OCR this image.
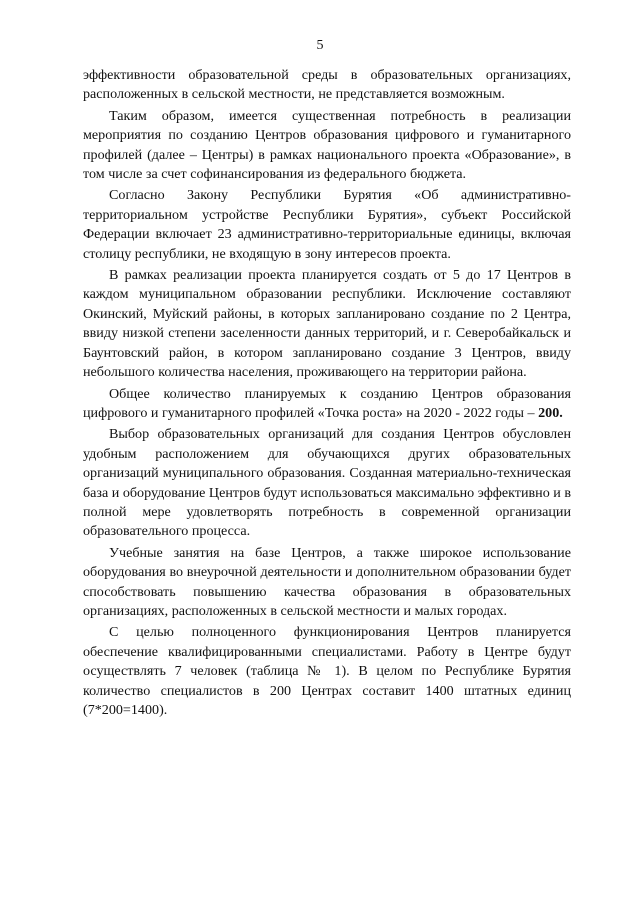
5

эффективности образовательной среды в образовательных организациях, расположенных в сельской местности, не представляется возможным.

Таким образом, имеется существенная потребность в реализации мероприятия по созданию Центров образования цифрового и гуманитарного профилей (далее – Центры) в рамках национального проекта «Образование», в том числе за счет софинансирования из федерального бюджета.

Согласно Закону Республики Бурятия «Об административно-территориальном устройстве Республики Бурятия», субъект Российской Федерации включает 23 административно-территориальные единицы, включая столицу республики, не входящую в зону интересов проекта.

В рамках реализации проекта планируется создать от 5 до 17 Центров в каждом муниципальном образовании республики. Исключение составляют Окинский, Муйский районы, в которых запланировано создание по 2 Центра, ввиду низкой степени заселенности данных территорий, и г. Северобайкальск и Баунтовский район, в котором запланировано создание 3 Центров, ввиду небольшого количества населения, проживающего на территории района.

Общее количество планируемых к созданию Центров образования цифрового и гуманитарного профилей «Точка роста» на 2020 - 2022 годы – 200.

Выбор образовательных организаций для создания Центров обусловлен удобным расположением для обучающихся других образовательных организаций муниципального образования. Созданная материально-техническая база и оборудование Центров будут использоваться максимально эффективно и в полной мере удовлетворять потребность в современной организации образовательного процесса.

Учебные занятия на базе Центров, а также широкое использование оборудования во внеурочной деятельности и дополнительном образовании будет способствовать повышению качества образования в образовательных организациях, расположенных в сельской местности и малых городах.

С целью полноценного функционирования Центров планируется обеспечение квалифицированными специалистами. Работу в Центре будут осуществлять 7 человек (таблица № 1). В целом по Республике Бурятия количество специалистов в 200 Центрах составит 1400 штатных единиц (7*200=1400).
